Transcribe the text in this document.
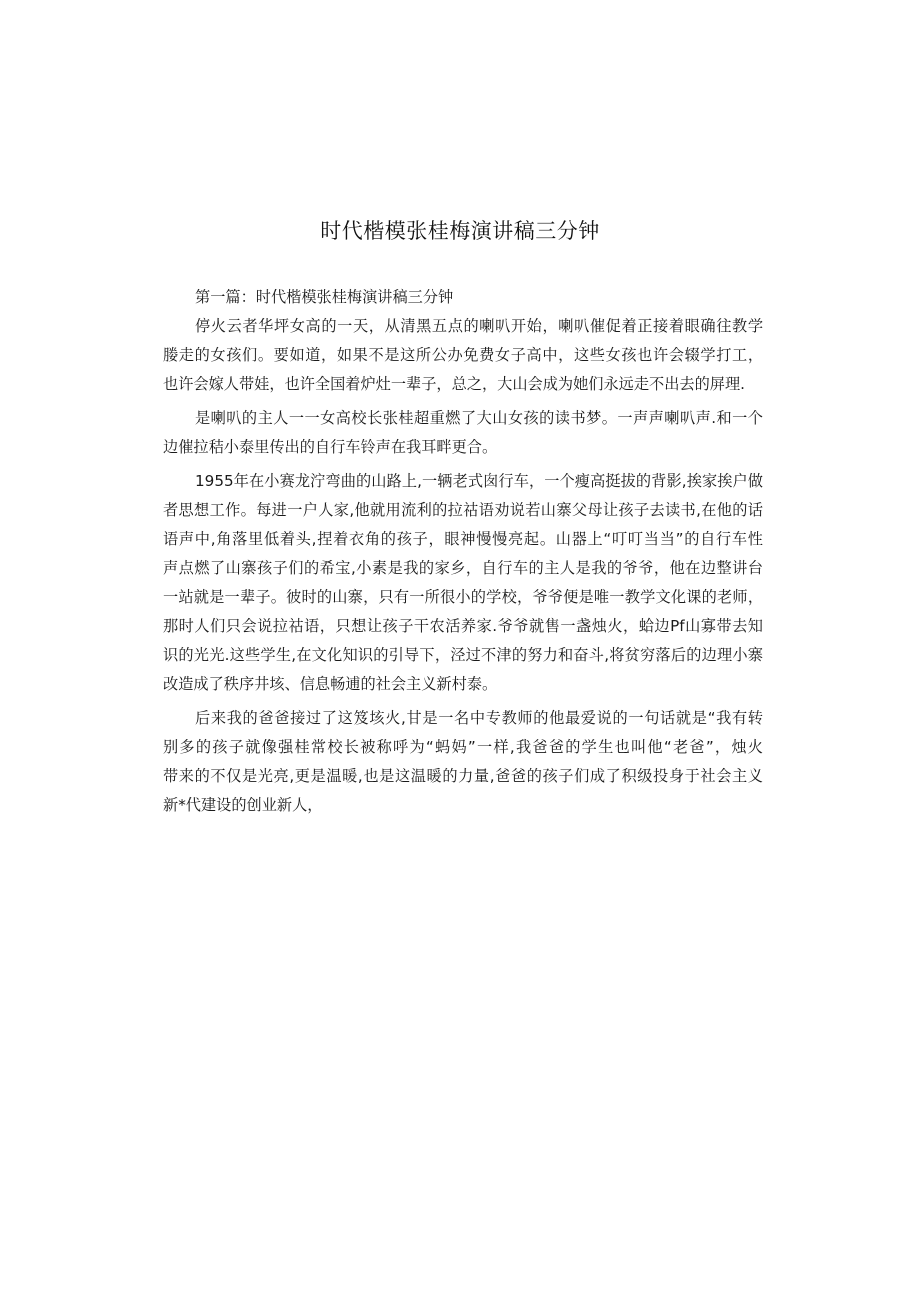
时代楷模张桂梅演讲稿三分钟
第一篇：时代楷模张桂梅演讲稿三分钟
停火云者华坪女高的一天，从清黑五点的喇叭开始，喇叭催促着正接着眼确往教学
媵走的女孩们。要如道，如果不是这所公办免费女子高中，这些女孩也许会辍学打工，
也许会嫁人带娃，也许全国着炉灶一辈子，总之，大山会成为她们永远走不出去的屏理.
是喇叭的主人一一女高校长张桂超重燃了大山女孩的读书梦。一声声喇叭声.和一个
边催拉秸小泰里传出的自行车铃声在我耳畔更合。
1955年在小赛龙泞弯曲的山路上,一辆老式囱行车，一个瘦高挺拔的背影,挨家挨户做
者思想工作。每进一户人家,他就用流利的拉祜语劝说若山寨父母让孩子去读书,在他的话
语声中,角落里低着头,捏着衣角的孩子，眼神慢慢亮起。山器上“叮叮当当”的自行车性
声点燃了山寨孩子们的希宝,小素是我的家乡，自行车的主人是我的爷爷，他在边整讲台
一站就是一辈子。彼时的山寨，只有一所很小的学校，爷爷便是唯一教学文化课的老师，
那时人们只会说拉祜语，只想让孩子干农活养家.爷爷就售一盏烛火，蛤边Pf山寡带去知
识的光光.这些学生,在文化知识的引导下，泾过不津的努力和奋斗,将贫穷落后的边理小寨
改造成了秩序井垓、信息畅逋的社会主义新村泰。
后来我的爸爸接过了这笈垓火,甘是一名中专教师的他最爱说的一句话就是“我有转
别多的孩子就像强桂常校长被称呼为“蚂妈”一样,我爸爸的学生也叫他“老爸”，烛火
带来的不仅是光亮,更是温暖,也是这温暖的力量,爸爸的孩子们成了积级投身于社会主义
新*代建设的创业新人，
